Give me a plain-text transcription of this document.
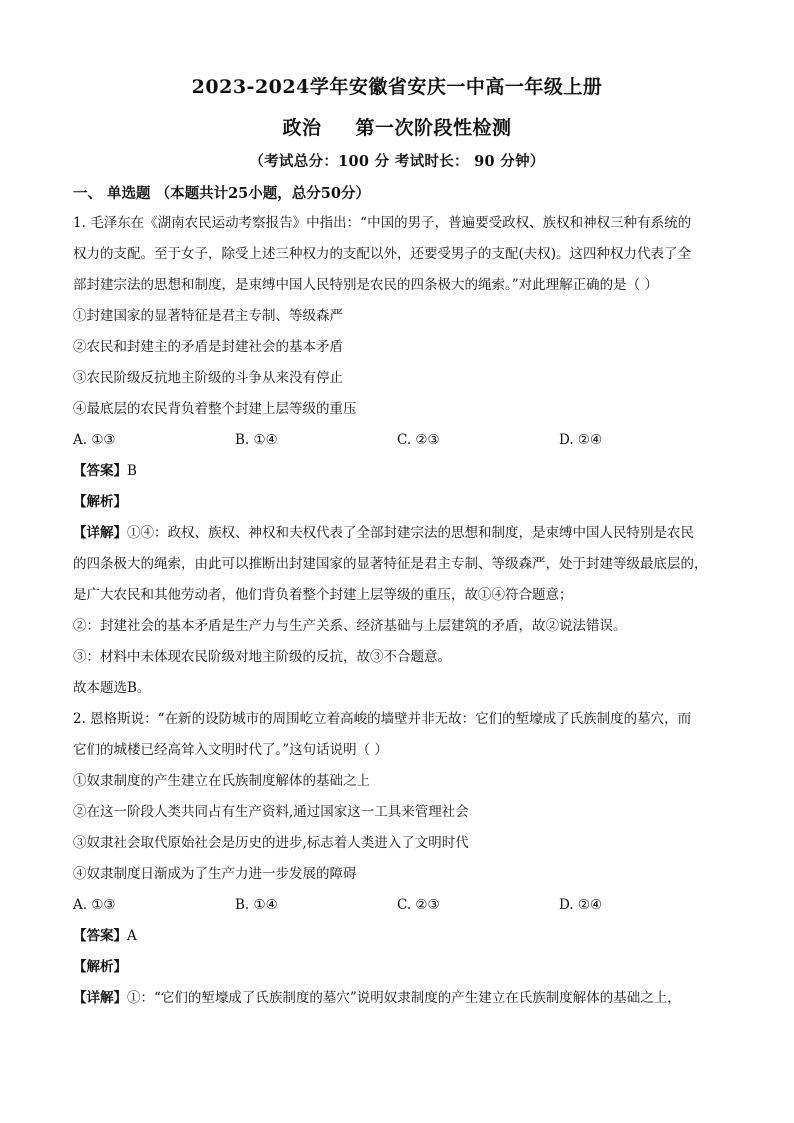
2023-2024学年安徽省安庆一中高一年级上册
政治 第一次阶段性检测
（考试总分：100 分 考试时长： 90 分钟）
一、 单选题 （本题共计25小题，总分50分）
1. 毛泽东在《湖南农民运动考察报告》中指出：“中国的男子，普遍要受政权、族权和神权三种有系统的
权力的支配。至于女子，除受上述三种权力的支配以外，还要受男子的支配(夫权)。这四种权力代表了全
部封建宗法的思想和制度，是束缚中国人民特别是农民的四条极大的绳索。”对此理解正确的是（ ）
①封建国家的显著特征是君主专制、等级森严
②农民和封建主的矛盾是封建社会的基本矛盾
③农民阶级反抗地主阶级的斗争从来没有停止
④最底层的农民背负着整个封建上层等级的重压
A. ①③	B. ①④	C. ②③	D. ②④
【答案】B
【解析】
【详解】①④：政权、族权、神权和夫权代表了全部封建宗法的思想和制度，是束缚中国人民特别是农民
的四条极大的绳索，由此可以推断出封建国家的显著特征是君主专制、等级森严，处于封建等级最底层的，
是广大农民和其他劳动者，他们背负着整个封建上层等级的重压，故①④符合题意；
②：封建社会的基本矛盾是生产力与生产关系、经济基础与上层建筑的矛盾，故②说法错误。
③：材料中未体现农民阶级对地主阶级的反抗，故③不合题意。
故本题选B。
2. 恩格斯说：“在新的设防城市的周围屹立着高峻的墙壁并非无故：它们的堑壕成了氏族制度的墓穴，而
它们的城楼已经高耸入文明时代了。”这句话说明（ ）
①奴隶制度的产生建立在氏族制度解体的基础之上
②在这一阶段人类共同占有生产资料,通过国家这一工具来管理社会
③奴隶社会取代原始社会是历史的进步,标志着人类进入了文明时代
④奴隶制度日渐成为了生产力进一步发展的障碍
A. ①③	B. ①④	C. ②③	D. ②④
【答案】A
【解析】
【详解】①：“它们的堑壕成了氏族制度的墓穴”说明奴隶制度的产生建立在氏族制度解体的基础之上，
